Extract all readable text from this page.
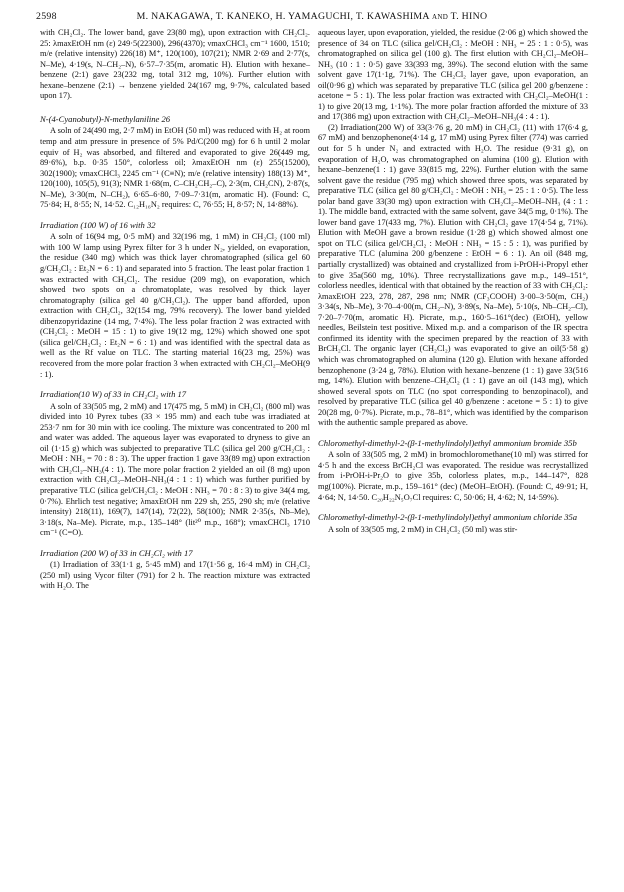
2598	M. NAKAGAWA, T. KANEKO, H. YAMAGUCHI, T. KAWASHIMA and T. HINO

with CH₂Cl₂. The lower band, gave 23(80 mg), upon extraction with CH₂Cl₂. 25: λmaxEtOH nm (ε) 249·5(22300), 296(4370); νmaxCHCl₃ cm⁻¹ 1600, 1510; m/e (relative intensity) 226(18) M⁺, 120(100), 107(21); NMR 2·69 and 2·77(s, N–Me), 4·19(s, N–CH₂–N), 6·57–7·35(m, aromatic H). Elution with hexane–benzene (2:1) gave 23(232 mg, total 312 mg, 10%). Further elution with hexane–benzene (2:1) → benzene yielded 24(167 mg, 9·7%, calculated based upon 17).

N-(4-Cyanobutyl)-N-methylaniline 26

A soln of 24(490 mg, 2·7 mM) in EtOH (50 ml) was reduced with H₂ at room temp and atm pressure in presence of 5% Pd/C(200 mg) for 6 h until 2 molar equiv of H₂ was absorbed, and filtered and evaporated to give 26(449 mg, 89·6%), b.p. 0·35 150°, colorless oil; λmaxEtOH nm (ε) 255(15200), 302(1900); νmaxCHCl₃ 2245 cm⁻¹ (C≡N); m/e (relative intensity) 188(13) M⁺, 120(100), 105(5), 91(3); NMR 1·68(m, C–CH₂CH₂–C), 2·3(m, CH₂CN), 2·87(s, N–Me), 3·30(m, N–CH₂), 6·65–6·80, 7·09–7·31(m, aromatic H). (Found: C, 75·84; H, 8·55; N, 14·52. C₁₂H₁₆N₂ requires: C, 76·55; H, 8·57; N, 14·88%).

Irradiation (100 W) of 16 with 32

A soln of 16(94 mg, 0·5 mM) and 32(196 mg, 1 mM) in CH₂Cl₂ (100 ml) with 100 W lamp using Pyrex filter for 3 h under N₂, yielded, on evaporation, the residue (340 mg) which was thick layer chromatographed (silica gel 60 g/CH₂Cl₂ : Et₂N = 6 : 1) and separated into 5 fraction. The least polar fraction 1 was extracted with CH₂Cl₂. The residue (209 mg), on evaporation, which showed two spots on a chromatoplate, was resolved by thick layer chromatography (silica gel 40 g/CH₂Cl₂). The upper band afforded, upon extraction with CH₂Cl₂, 32(154 mg, 79% recovery). The lower band yielded dibenzopyridazine (14 mg, 7·4%). The less polar fraction 2 was extracted with (CH₂Cl₂ : MeOH = 15 : 1) to give 19(12 mg, 12%) which showed one spot (silica gel/CH₂Cl₂ : Et₂N = 6 : 1) and was identified with the spectral data as well as the Rf value on TLC. The starting material 16(23 mg, 25%) was recovered from the more polar fraction 3 when extracted with CH₂Cl₂–MeOH(9 : 1).

Irradiation(10 W) of 33 in CH₂Cl₂ with 17

A soln of 33(505 mg, 2 mM) and 17(475 mg, 5 mM) in CH₂Cl₂ (800 ml) was divided into 10 Pyrex tubes (33 × 195 mm) and each tube was irradiated at 253·7 nm for 30 min with ice cooling. The mixture was concentrated to 200 ml and water was added. The aqueous layer was evaporated to dryness to give an oil (1·15 g) which was subjected to preparative TLC (silica gel 200 g/CH₂Cl₂ : MeOH : NH₃ = 70 : 8 : 3). The upper fraction 1 gave 33(89 mg) upon extraction with CH₂Cl₂–NH₃(4 : 1). The more polar fraction 2 yielded an oil (8 mg) upon extraction with CH₂Cl₂–MeOH–NH₃(4 : 1 : 1) which was further purified by preparative TLC (silica gel/CH₂Cl₂ : MeOH : NH₃ = 70 : 8 : 3) to give 34(4 mg, 0·7%). Ehrlich test negative; λmaxEtOH nm 229 sh, 255, 290 sh; m/e (relative intensity) 218(11), 169(7), 147(14), 72(22), 58(100); NMR 2·35(s, Nb–Me), 3·18(s, Na–Me). Picrate, m.p., 135–148° (lit²⁰ m.p., 168°); νmaxCHCl₃ 1710 cm⁻¹ (C=O).

Irradiation (200 W) of 33 in CH₂Cl₂ with 17

(1) Irradiation of 33(1·1 g, 5·45 mM) and 17(1·56 g, 16·4 mM) in CH₂Cl₂ (250 ml) using Vycor filter (791) for 2 h. The reaction mixture was extracted with H₂O. The

aqueous layer, upon evaporation, yielded, the residue (2·06 g) which showed the presence of 34 on TLC (silica gel/CH₂Cl₂ : MeOH : NH₃ = 25 : 1 : 0·5), was chromatographed on silica gel (100 g). The first elution with CH₂Cl₂–MeOH–NH₃ (10 : 1 : 0·5) gave 33(393 mg, 39%). The second elution with the same solvent gave 17(1·1g, 71%). The CH₂Cl₂ layer gave, upon evaporation, an oil(0·96 g) which was separated by preparative TLC (silica gel 200 g/benzene : acetone = 5 : 1). The less polar fraction was extracted with CH₂Cl₂–MeOH(1 : 1) to give 20(13 mg, 1·1%). The more polar fraction afforded the mixture of 33 and 17(386 mg) upon extraction with CH₂Cl₂–MeOH–NH₃(4 : 4 : 1).

(2) Irradiation(200 W) of 33(3·76 g, 20 mM) in CH₂Cl₂ (11) with 17(6·4 g, 67 mM) and benzophenone(4·14 g, 17 mM) using Pyrex filter (774) was carried out for 5 h under N₂ and extracted with H₂O. The residue (9·31 g), on evaporation of H₂O, was chromatographed on alumina (100 g). Elution with hexane–benzene(1 : 1) gave 33(815 mg, 22%). Further elution with the same solvent gave the residue (795 mg) which showed three spots, was separated by preparative TLC (silica gel 80 g/CH₂Cl₂ : MeOH : NH₃ = 25 : 1 : 0·5). The less polar band gave 33(30 mg) upon extraction with CH₂Cl₂–MeOH–NH₃ (4 : 1 : 1). The middle band, extracted with the same solvent, gave 34(5 mg, 0·1%). The lower band gave 17(433 mg, 7%). Elution with CH₂Cl₂ gave 17(4·54 g, 71%). Elution with MeOH gave a brown residue (1·28 g) which showed almost one spot on TLC (silica gel/CH₂Cl₂ : MeOH : NH₃ = 15 : 5 : 1), was purified by preparative TLC (alumina 200 g/benzene : EtOH = 6 : 1). An oil (848 mg, partially crystallized) was obtained and crystallized from i-PrOH-i-Propyl ether to give 35a(560 mg, 10%). Three recrystallizations gave m.p., 149–151°, colorless needles, identical with that obtained by the reaction of 33 with CH₂Cl₂: λmaxEtOH 223, 278, 287, 298 nm; NMR (CF₃COOH) 3·00–3·50(m, CH₂) 3·34(s, Nb–Me), 3·70–4·00(m, CH₂–N), 3·89(s, Na–Me), 5·10(s, Nb–CH₂–Cl), 7·20–7·70(m, aromatic H). Picrate, m.p., 160·5–161°(dec) (EtOH), yellow needles, Beilstein test positive. Mixed m.p. and a comparison of the IR spectra confirmed its identity with the specimen prepared by the reaction of 33 with BrCH₂Cl. The organic layer (CH₂Cl₂) was evaporated to give an oil(5·58 g) which was chromatographed on alumina (120 g). Elution with hexane afforded benzophenone (3·24 g, 78%). Elution with hexane–benzene (1 : 1) gave 33(516 mg, 14%). Elution with benzene–CH₂Cl₂ (1 : 1) gave an oil (143 mg), which showed several spots on TLC (no spot corresponding to benzopinacol), and resolved by preparative TLC (silica gel 40 g/benzene : acetone = 5 : 1) to give 20(28 mg, 0·7%). Picrate, m.p., 78–81°, which was identified by the comparison with the authentic sample prepared as above.

Chloromethyl-dimethyl-2-(β-1-methylindolyl)ethyl ammonium bromide 35b

A soln of 33(505 mg, 2 mM) in bromochloromethane(10 ml) was stirred for 4·5 h and the excess BrCH₂Cl was evaporated. The residue was recrystallized from i-PrOH-i-Pr₂O to give 35b, colorless plates, m.p., 144–147°, 828 mg(100%). Picrate, m.p., 159–161° (dec) (MeOH–EtOH). (Found: C, 49·91; H, 4·64; N, 14·50. C₂₀H₂₂N₅O₇Cl requires: C, 50·06; H, 4·62; N, 14·59%).

Chloromethyl-dimethyl-2-(β-1-methylindolyl)ethyl ammonium chloride 35a

A soln of 33(505 mg, 2 mM) in CH₂Cl₂ (50 ml) was stir-
